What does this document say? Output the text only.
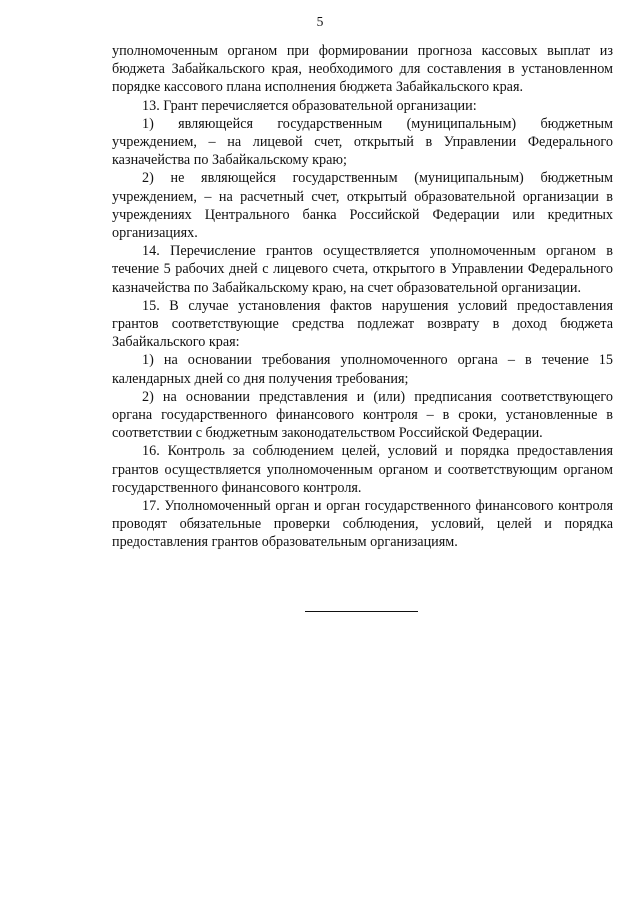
5

уполномоченным органом при формировании прогноза кассовых выплат из бюджета Забайкальского края, необходимого для составления в установленном порядке кассового плана исполнения бюджета Забайкальского края.

13. Грант перечисляется образовательной организации:

1) являющейся государственным (муниципальным) бюджетным учреждением, – на лицевой счет, открытый в Управлении Федерального казначейства по Забайкальскому краю;

2) не являющейся государственным (муниципальным) бюджетным учреждением, – на расчетный счет, открытый образовательной организации в учреждениях Центрального банка Российской Федерации или кредитных организациях.

14. Перечисление грантов осуществляется уполномоченным органом в течение 5 рабочих дней с лицевого счета, открытого в Управлении Федерального казначейства по Забайкальскому краю, на счет образовательной организации.

15. В случае установления фактов нарушения условий предоставления грантов соответствующие средства подлежат возврату в доход бюджета Забайкальского края:

1) на основании требования уполномоченного органа – в течение 15 календарных дней со дня получения требования;

2) на основании представления и (или) предписания соответствующего органа государственного финансового контроля – в сроки, установленные в соответствии с бюджетным законодательством Российской Федерации.

16. Контроль за соблюдением целей, условий и порядка предоставления грантов осуществляется уполномоченным органом и соответствующим органом государственного финансового контроля.

17. Уполномоченный орган и орган государственного финансового контроля проводят обязательные проверки соблюдения, условий, целей и порядка предоставления грантов образовательным организациям.
